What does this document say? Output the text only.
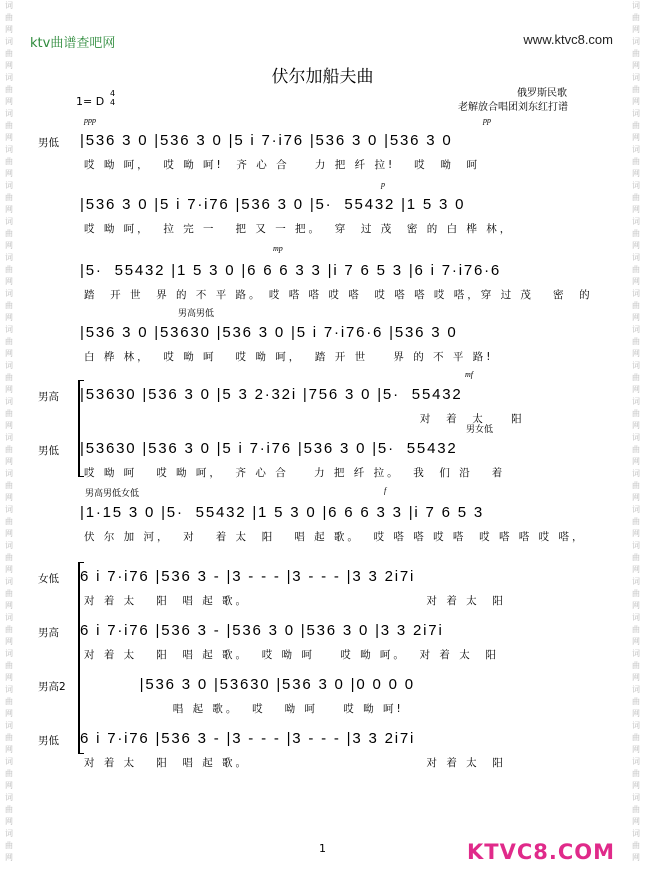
词
曲
网
词
曲
网
词
曲
网
词
曲
网
词
曲
网
词
曲
网
词
曲
网
词
曲
网
词
曲
网
词
曲
网
词
曲
网
词
曲
网
词
曲
网
词
曲
网
词
曲
网
词
曲
网
词
曲
网
词
曲
网
词
曲
网
词
曲
网
词
曲
网
词
曲
网
词
曲
网
词
曲
网
词
曲
网
词
曲
网
词
曲
网
词
曲
网
词
曲
网
词
曲
网
词
曲
网
词
曲
网
词
曲
网
词
曲
网
词
曲
网
词
曲
网
词
曲
网
词
曲
网
词
曲
网
词
曲
网
词
曲
网
词
曲
网
词
曲
网
词
曲
网
词
曲
网
词
曲
网
词
曲
网
词
曲
网
ktv曲谱查吧网	www.ktvc8.com
伏尔加船夫曲
俄罗斯民歌
老解放合唱团刘东红打谱
1= D
4
4
ppp	pp
p
mp
mf
f
男高男低
男女低
男高男低女低
男低 |536 3 0 |536 3 0 |5 i 7·i76 |536 3 0 |536 3 0
哎 呦 呵，  哎 呦 呵!  齐 心 合    力 把 纤 拉!   哎  呦  呵
|536 3 0 |5 i 7·i76 |536 3 0 |5·  55432 |1 5 3 0
哎 呦 呵，  拉 完 一   把 又 一 把。  穿  过 茂  密 的 白 桦 林，
|5·  55432 |1 5 3 0 |6 6 6 3 3 |i 7 6 5 3 |6 i 7·i76·6
踏  开 世  界 的 不 平 路。 哎 嗒 嗒 哎 嗒  哎 嗒 嗒 哎 嗒，穿 过 茂   密  的
|536 3 0 |53630 |536 3 0 |5 i 7·i76·6 |536 3 0
白 桦 林，  哎 呦 呵   哎 呦 呵，  踏 开 世    界 的 不 平 路!
男高 |53630 |536 3 0 |5 3 2·32i |756 3 0 |5·  55432
对  着  太    阳
男低 |53630 |536 3 0 |5 i 7·i76 |536 3 0 |5·  55432
哎 呦 呵   哎 呦 呵，  齐 心 合    力 把 纤 拉。  我  们 沿   着
|1·15 3 0 |5·  55432 |1 5 3 0 |6 6 6 3 3 |i 7 6 5 3
伏 尔 加 河，  对   着 太  阳   唱 起 歌。  哎 嗒 嗒 哎 嗒  哎 嗒 嗒 哎 嗒，
女低 6 i 7·i76 |536 3 - |3 - - - |3 - - - |3 3 2i7i
对 着 太   阳  唱 起 歌。                            对 着 太  阳
男高 6 i 7·i76 |536 3 - |536 3 0 |536 3 0 |3 3 2i7i
对 着 太   阳  唱 起 歌。  哎 呦 呵    哎 呦 呵。  对 着 太  阳
男高2 |536 3 0 |53630 |536 3 0 |0 0 0 0
唱 起 歌。  哎   呦 呵    哎 呦 呵!
男低 6 i 7·i76 |536 3 - |3 - - - |3 - - - |3 3 2i7i
对 着 太   阳  唱 起 歌。                            对 着 太  阳
1	KTVC8.COM
